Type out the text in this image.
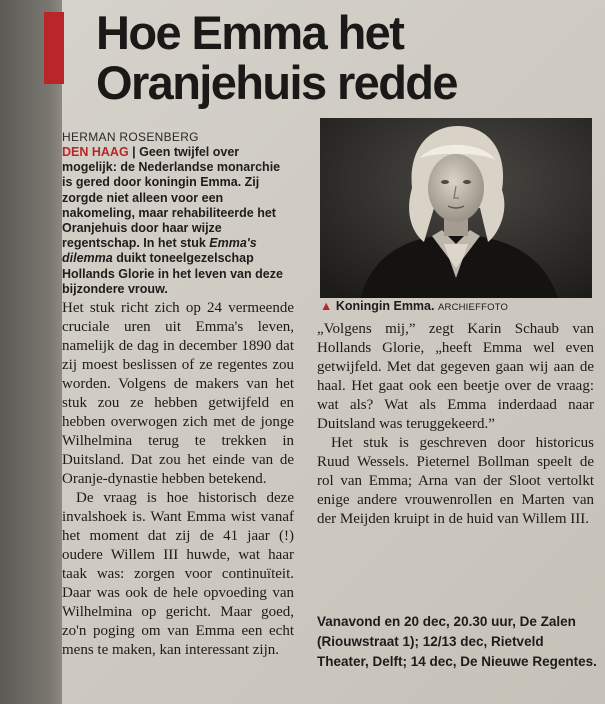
Hoe Emma het Oranjehuis redde
HERMAN ROSENBERG

DEN HAAG | Geen twijfel over mogelijk: de Nederlandse monarchie is gered door koningin Emma. Zij zorgde niet alleen voor een nakomeling, maar rehabiliteerde het Oranjehuis door haar wijze regentschap. In het stuk Emma's dilemma duikt toneelgezelschap Hollands Glorie in het leven van deze bijzondere vrouw.

Het stuk richt zich op 24 vermeende cruciale uren uit Emma's leven, namelijk de dag in december 1890 dat zij moest beslissen of ze regentes zou worden. Volgens de makers van het stuk zou ze hebben getwijfeld en hebben overwogen zich met de jonge Wilhelmina terug te trekken in Duitsland. Dat zou het einde van de Oranje-dynastie hebben betekend.

De vraag is hoe historisch deze invalshoek is. Want Emma wist vanaf het moment dat zij de 41 jaar (!) oudere Willem III huwde, wat haar taak was: zorgen voor continuïteit. Daar was ook de hele opvoeding van Wilhelmina op gericht. Maar goed, zo'n poging om van Emma een echt mens te maken, kan interessant zijn.

▲ Koningin Emma. ARCHIEFFOTO

„Volgens mij,” zegt Karin Schaub van Hollands Glorie, „heeft Emma wel even getwijfeld. Met dat gegeven gaan wij aan de haal. Het gaat ook een beetje over de vraag: wat als? Wat als Emma inderdaad naar Duitsland was teruggekeerd.”

Het stuk is geschreven door historicus Ruud Wessels. Pieternel Bollman speelt de rol van Emma; Arna van der Sloot vertolkt enige andere vrouwenrollen en Marten van der Meijden kruipt in de huid van Willem III.

Vanavond en 20 dec, 20.30 uur, De Zalen (Riouwstraat 1); 12/13 dec, Rietveld Theater, Delft; 14 dec, De Nieuwe Regentes.
